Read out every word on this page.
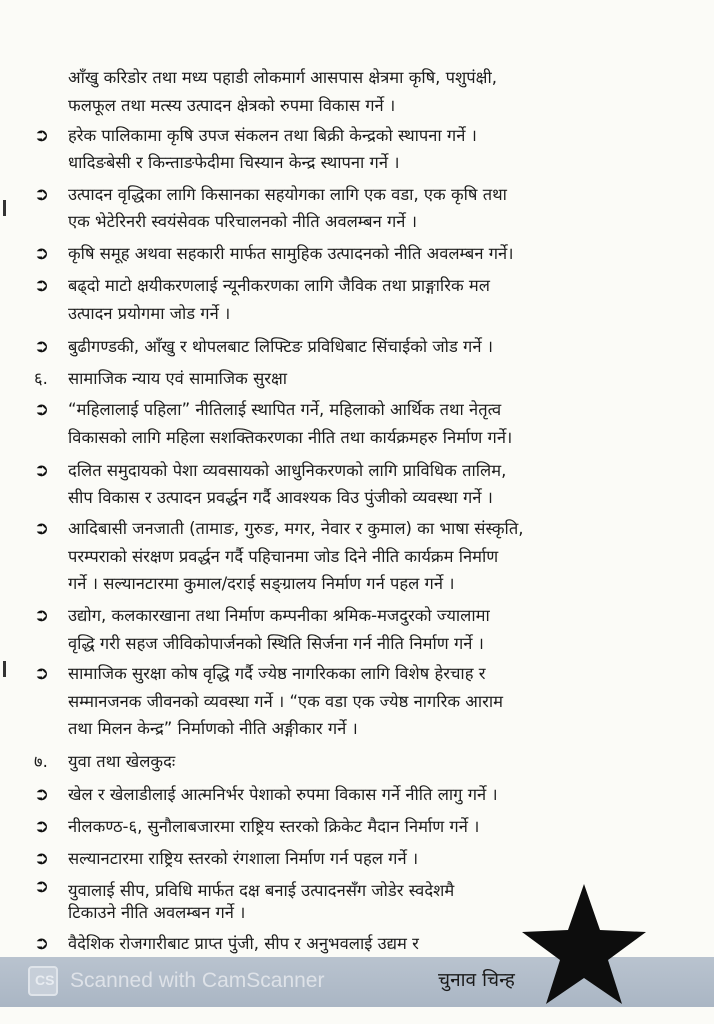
आँखु करिडोर तथा मध्य पहाडी लोकमार्ग आसपास क्षेत्रमा कृषि, पशुपंक्षी,
फलफूल तथा मत्स्य उत्पादन क्षेत्रको रुपमा विकास गर्ने ।
➲ हरेक पालिकामा कृषि उपज संकलन तथा बिक्री केन्द्रको स्थापना गर्ने ।
धादिङबेसी र किन्ताङफेदीमा चिस्यान केन्द्र स्थापना गर्ने ।
➲ उत्पादन वृद्धिका लागि किसानका सहयोगका लागि एक वडा, एक कृषि तथा
एक भेटेरिनरी स्वयंसेवक परिचालनको नीति अवलम्बन गर्ने ।
➲ कृषि समूह अथवा सहकारी मार्फत सामुहिक उत्पादनको नीति अवलम्बन गर्ने।
➲ बढ्दो माटो क्षयीकरणलाई न्यूनीकरणका लागि जैविक तथा प्राङ्गारिक मल
उत्पादन प्रयोगमा जोड गर्ने ।
➲ बुढीगण्डकी, आँखु र थोपलबाट लिफ्टिङ प्रविधिबाट सिंचाईको जोड गर्ने ।
६. सामाजिक न्याय एवं सामाजिक सुरक्षा
➲ “महिलालाई पहिला” नीतिलाई स्थापित गर्ने, महिलाको आर्थिक तथा नेतृत्व
विकासको लागि महिला सशक्तिकरणका नीति तथा कार्यक्रमहरु निर्माण गर्ने।
➲ दलित समुदायको पेशा व्यवसायको आधुनिकरणको लागि प्राविधिक तालिम,
सीप विकास र उत्पादन प्रवर्द्धन गर्दै आवश्यक विउ पुंजीको व्यवस्था गर्ने ।
➲ आदिबासी जनजाती (तामाङ, गुरुङ, मगर, नेवार र कुमाल) का भाषा संस्कृति,
परम्पराको संरक्षण प्रवर्द्धन गर्दै पहिचानमा जोड दिने नीति कार्यक्रम निर्माण
गर्ने । सल्यानटारमा कुमाल/दराई सङ्ग्रालय निर्माण गर्न पहल गर्ने ।
➲ उद्योग, कलकारखाना तथा निर्माण कम्पनीका श्रमिक-मजदुरको ज्यालामा
वृद्धि गरी सहज जीविकोपार्जनको स्थिति सिर्जना गर्न नीति निर्माण गर्ने ।
➲ सामाजिक सुरक्षा कोष वृद्धि गर्दै ज्येष्ठ नागरिकका लागि विशेष हेरचाह र
सम्मानजनक जीवनको व्यवस्था गर्ने । “एक वडा एक ज्येष्ठ नागरिक आराम
तथा मिलन केन्द्र” निर्माणको नीति अङ्गीकार गर्ने ।
७. युवा तथा खेलकुदः
➲ खेल र खेलाडीलाई आत्मनिर्भर पेशाको रुपमा विकास गर्ने नीति लागु गर्ने ।
➲ नीलकण्ठ-६, सुनौलाबजारमा राष्ट्रिय स्तरको क्रिकेट मैदान निर्माण गर्ने ।
➲ सल्यानटारमा राष्ट्रिय स्तरको रंगशाला निर्माण गर्न पहल गर्ने ।
➲ युवालाई सीप, प्रविधि मार्फत दक्ष बनाई उत्पादनसँग जोडेर स्वदेशमै
टिकाउने नीति अवलम्बन गर्ने ।
➲ वैदेशिक रोजगारीबाट प्राप्त पुंजी, सीप र अनुभवलाई उद्यम र
CS Scanned with CamScanner	चुनाव चिन्ह
